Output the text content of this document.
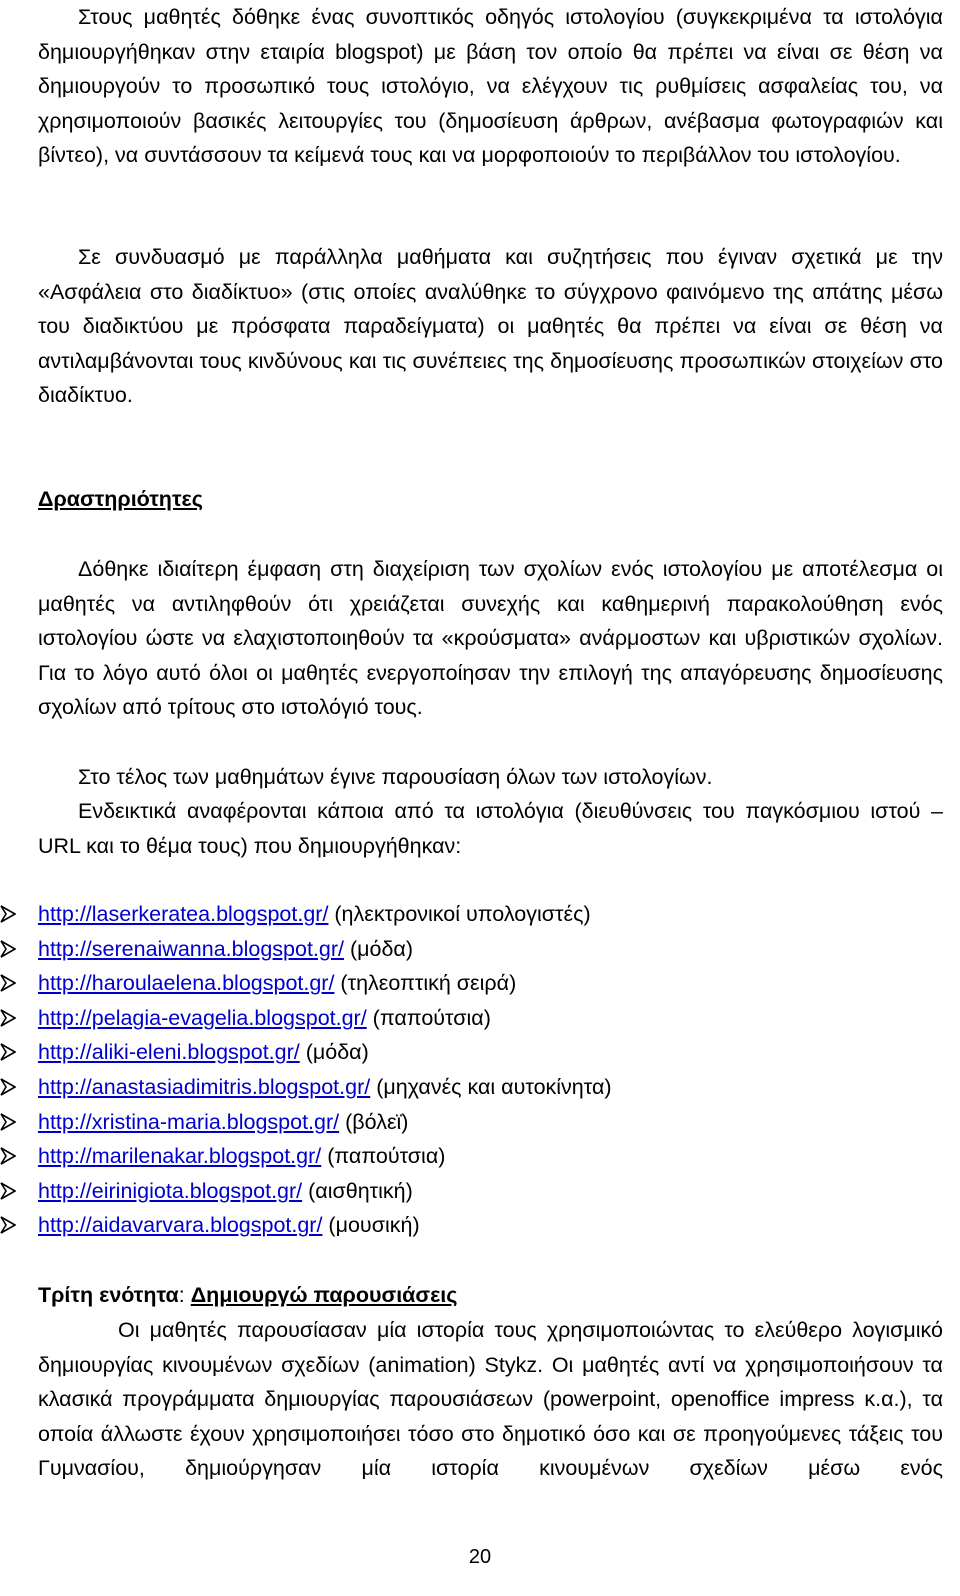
Στους μαθητές δόθηκε ένας συνοπτικός οδηγός ιστολογίου (συγκεκριμένα τα ιστολόγια δημιουργήθηκαν στην εταιρία blogspot) με βάση τον οποίο θα πρέπει να είναι σε θέση να δημιουργούν το προσωπικό τους ιστολόγιο, να ελέγχουν τις ρυθμίσεις ασφαλείας του, να χρησιμοποιούν βασικές λειτουργίες του (δημοσίευση άρθρων, ανέβασμα φωτογραφιών και βίντεο), να συντάσσουν τα κείμενά τους και να μορφοποιούν το περιβάλλον του ιστολογίου.

Σε συνδυασμό με παράλληλα μαθήματα και συζητήσεις που έγιναν σχετικά με την «Ασφάλεια στο διαδίκτυο» (στις οποίες αναλύθηκε το σύγχρονο φαινόμενο της απάτης μέσω του διαδικτύου με πρόσφατα παραδείγματα) οι μαθητές θα πρέπει να είναι σε θέση να αντιλαμβάνονται τους κινδύνους και τις συνέπειες της δημοσίευσης προσωπικών στοιχείων στο διαδίκτυο.

Δραστηριότητες

Δόθηκε ιδιαίτερη έμφαση στη διαχείριση των σχολίων ενός ιστολογίου με αποτέλεσμα οι μαθητές να αντιληφθούν ότι χρειάζεται συνεχής και καθημερινή παρακολούθηση ενός ιστολογίου ώστε να ελαχιστοποιηθούν τα «κρούσματα» ανάρμοστων και υβριστικών σχολίων. Για το λόγο αυτό όλοι οι μαθητές ενεργοποίησαν την επιλογή της απαγόρευσης δημοσίευσης σχολίων από τρίτους στο ιστολόγιό τους.

Στο τέλος των μαθημάτων έγινε παρουσίαση όλων των ιστολογίων.

Ενδεικτικά αναφέρονται κάποια από τα ιστολόγια (διευθύνσεις του παγκόσμιου ιστού – URL και το θέμα τους) που δημιουργήθηκαν:

http://laserkeratea.blogspot.gr/ (ηλεκτρονικοί υπολογιστές)
http://serenaiwanna.blogspot.gr/ (μόδα)
http://haroulaelena.blogspot.gr/ (τηλεοπτική σειρά)
http://pelagia-evagelia.blogspot.gr/ (παπούτσια)
http://aliki-eleni.blogspot.gr/ (μόδα)
http://anastasiadimitris.blogspot.gr/ (μηχανές και αυτοκίνητα)
http://xristina-maria.blogspot.gr/ (βόλεϊ)
http://marilenakar.blogspot.gr/ (παπούτσια)
http://eirinigiota.blogspot.gr/ (αισθητική)
http://aidavarvara.blogspot.gr/ (μουσική)
Τρίτη ενότητα: Δημιουργώ παρουσιάσεις

Οι μαθητές παρουσίασαν μία ιστορία τους χρησιμοποιώντας το ελεύθερο λογισμικό δημιουργίας κινουμένων σχεδίων (animation) Stykz. Οι μαθητές αντί να χρησιμοποιήσουν τα κλασικά προγράμματα δημιουργίας παρουσιάσεων (powerpoint, openoffice impress κ.α.), τα οποία άλλωστε έχουν χρησιμοποιήσει τόσο στο δημοτικό όσο και σε προηγούμενες τάξεις του Γυμνασίου, δημιούργησαν μία ιστορία κινουμένων σχεδίων μέσω ενός

20
